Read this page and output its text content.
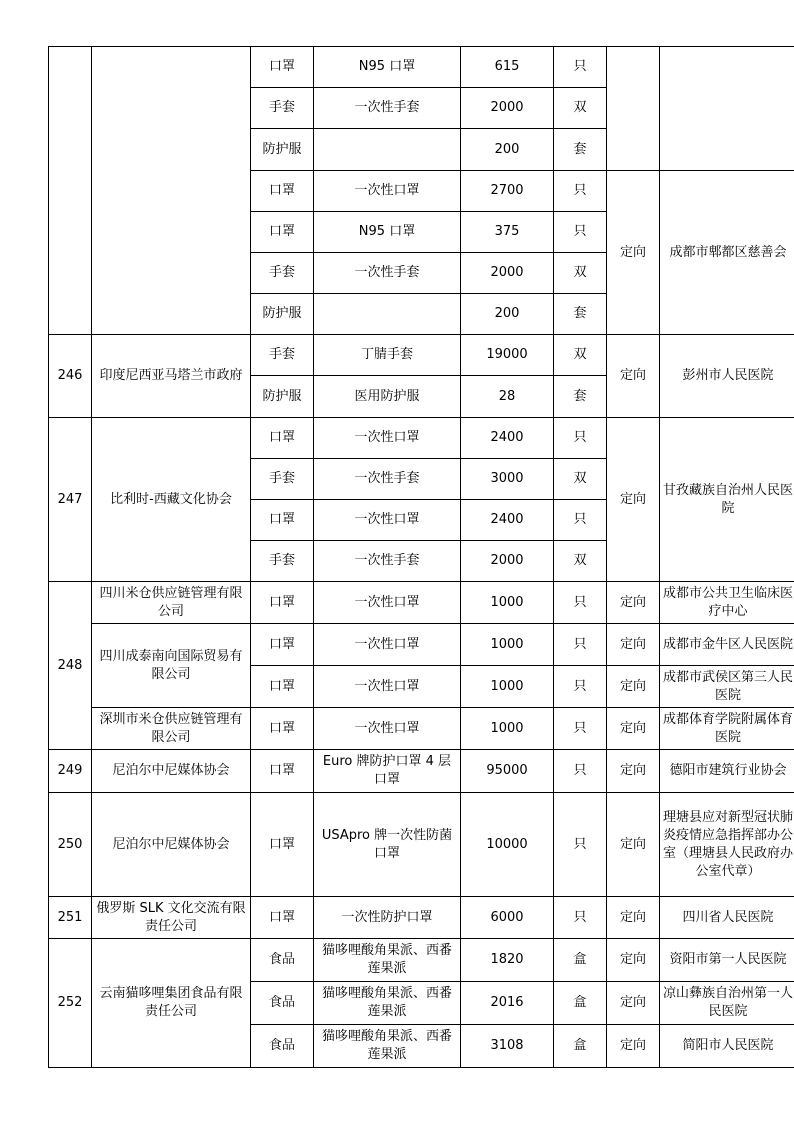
		口罩	N95 口罩	615	只		
		手套	一次性手套	2000	双		
		防护服		200	套		
		口罩	一次性口罩	2700	只	定向	成都市郫都区慈善会
		口罩	N95 口罩	375	只		
		手套	一次性手套	2000	双		
		防护服		200	套		
246	印度尼西亚马塔兰市政府	手套	丁腈手套	19000	双	定向	彭州市人民医院
		防护服	医用防护服	28	套		
247	比利时-西藏文化协会	口罩	一次性口罩	2400	只	定向	甘孜藏族自治州人民医院
		手套	一次性手套	3000	双		
		口罩	一次性口罩	2400	只		
		手套	一次性手套	2000	双		
248	四川米仓供应链管理有限公司	口罩	一次性口罩	1000	只	定向	成都市公共卫生临床医疗中心
	四川成泰南向国际贸易有限公司	口罩	一次性口罩	1000	只	定向	成都市金牛区人民医院
		口罩	一次性口罩	1000	只	定向	成都市武侯区第三人民医院
	深圳市米仓供应链管理有限公司	口罩	一次性口罩	1000	只	定向	成都体育学院附属体育医院
249	尼泊尔中尼媒体协会	口罩	Euro 牌防护口罩 4 层口罩	95000	只	定向	德阳市建筑行业协会
250	尼泊尔中尼媒体协会	口罩	USApro 牌一次性防菌口罩	10000	只	定向	理塘县应对新型冠状肺炎疫情应急指挥部办公室（理塘县人民政府办公室代章）
251	俄罗斯 SLK 文化交流有限责任公司	口罩	一次性防护口罩	6000	只	定向	四川省人民医院
252	云南猫哆哩集团食品有限责任公司	食品	猫哆哩酸角果派、西番莲果派	1820	盒	定向	资阳市第一人民医院
		食品	猫哆哩酸角果派、西番莲果派	2016	盒	定向	凉山彝族自治州第一人民医院
		食品	猫哆哩酸角果派、西番莲果派	3108	盒	定向	简阳市人民医院
